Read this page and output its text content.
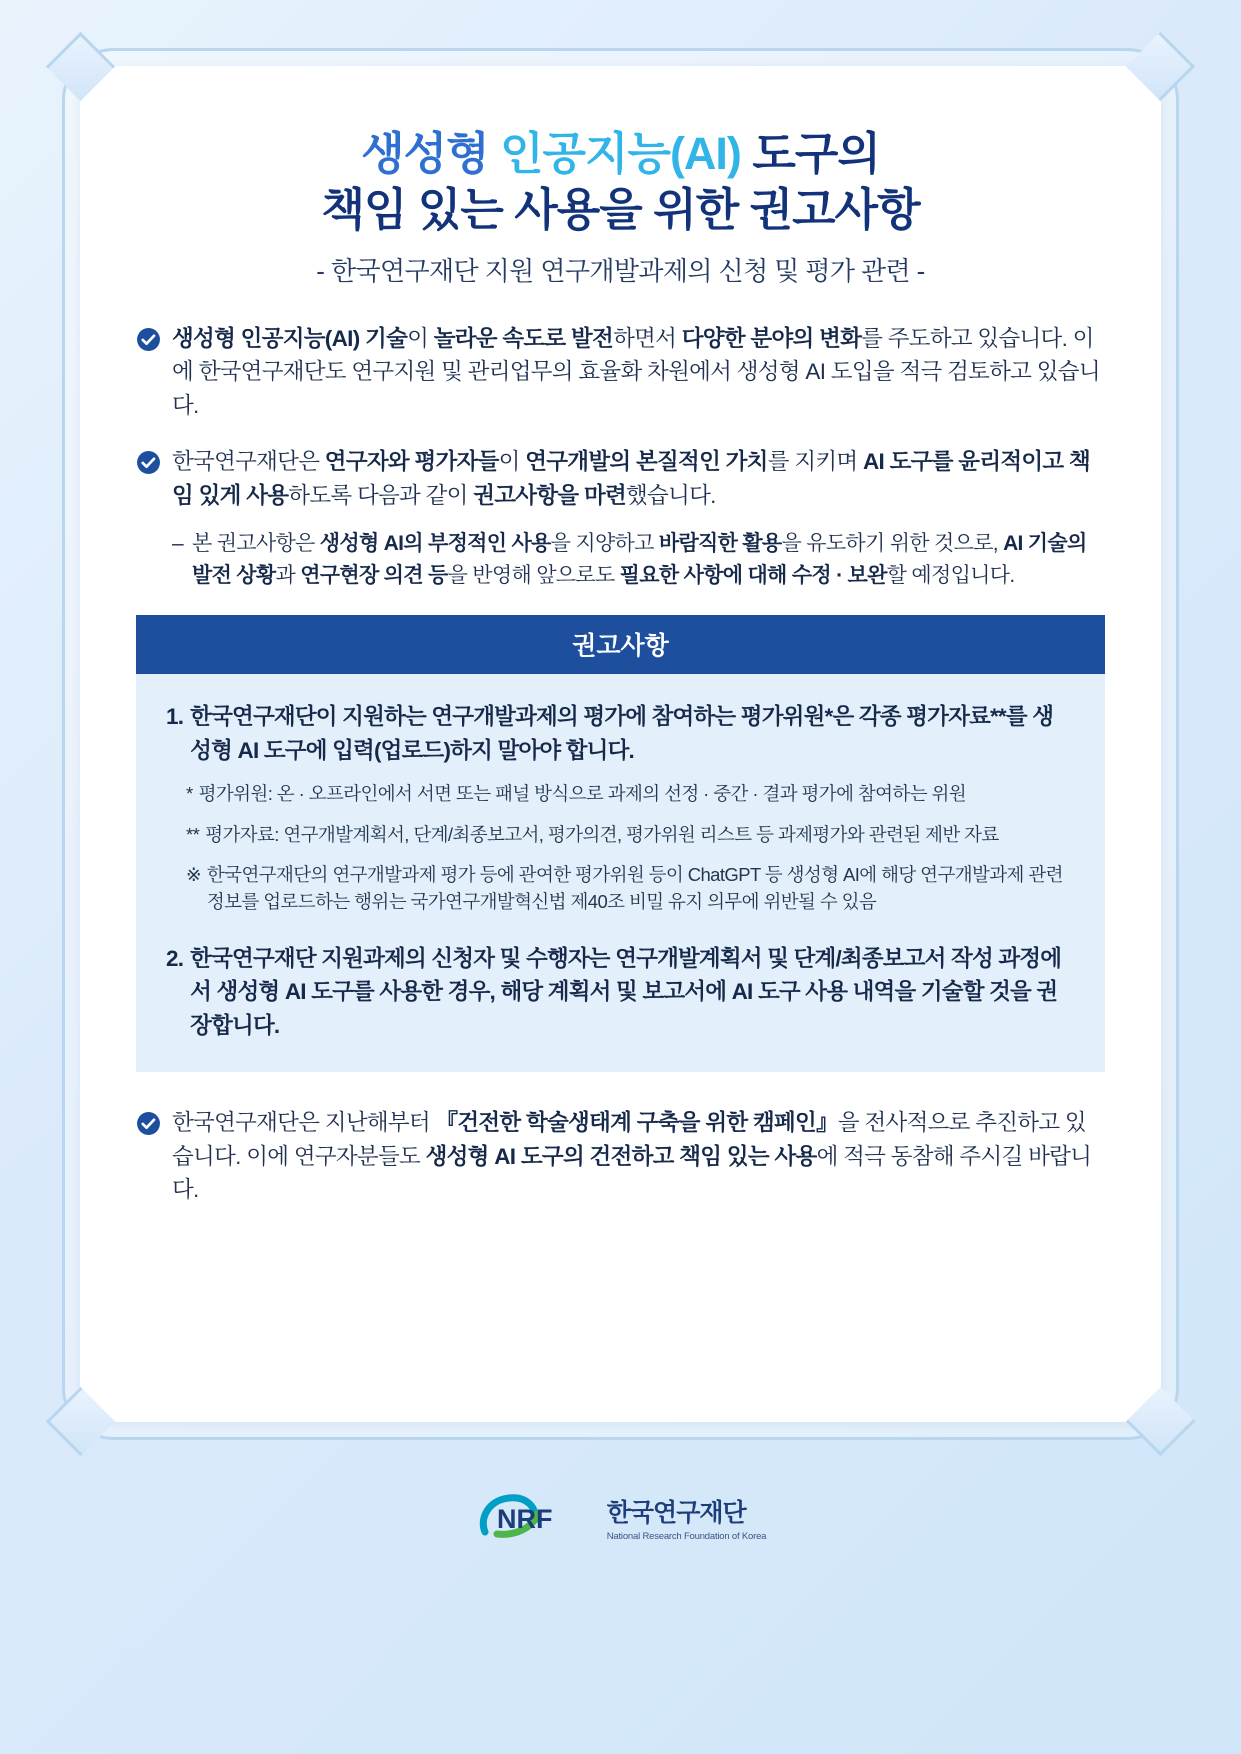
생성형 인공지능(AI) 도구의
책임 있는 사용을 위한 권고사항
- 한국연구재단 지원 연구개발과제의 신청 및 평가 관련 -
생성형 인공지능(AI) 기술이 놀라운 속도로 발전하면서 다양한 분야의 변화를 주도하고 있습니다. 이에 한국연구재단도 연구지원 및 관리업무의 효율화 차원에서 생성형 AI 도입을 적극 검토하고 있습니다.
한국연구재단은 연구자와 평가자들이 연구개발의 본질적인 가치를 지키며 AI 도구를 윤리적이고 책임 있게 사용하도록 다음과 같이 권고사항을 마련했습니다.
– 본 권고사항은 생성형 AI의 부정적인 사용을 지양하고 바람직한 활용을 유도하기 위한 것으로, AI 기술의 발전 상황과 연구현장 의견 등을 반영해 앞으로도 필요한 사항에 대해 수정 · 보완할 예정입니다.
권고사항
1. 한국연구재단이 지원하는 연구개발과제의 평가에 참여하는 평가위원*은 각종 평가자료**를 생성형 AI 도구에 입력(업로드)하지 말아야 합니다.
* 평가위원: 온 · 오프라인에서 서면 또는 패널 방식으로 과제의 선정 · 중간 · 결과 평가에 참여하는 위원
** 평가자료: 연구개발계획서, 단계/최종보고서, 평가의견, 평가위원 리스트 등 과제평가와 관련된 제반 자료
※ 한국연구재단의 연구개발과제 평가 등에 관여한 평가위원 등이 ChatGPT 등 생성형 AI에 해당 연구개발과제 관련 정보를 업로드하는 행위는 국가연구개발혁신법 제40조 비밀 유지 의무에 위반될 수 있음
2. 한국연구재단 지원과제의 신청자 및 수행자는 연구개발계획서 및 단계/최종보고서 작성 과정에서 생성형 AI 도구를 사용한 경우, 해당 계획서 및 보고서에 AI 도구 사용 내역을 기술할 것을 권장합니다.
한국연구재단은 지난해부터 『건전한 학술생태계 구축을 위한 캠페인』을 전사적으로 추진하고 있습니다. 이에 연구자분들도 생성형 AI 도구의 건전하고 책임 있는 사용에 적극 동참해 주시길 바랍니다.
NRF 한국연구재단
National Research Foundation of Korea
